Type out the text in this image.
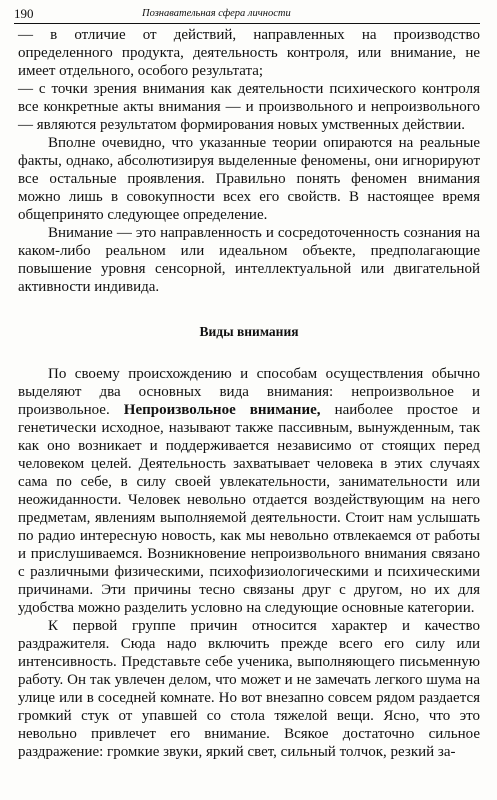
190	Познавательная сфера личности

— в отличие от действий, направленных на производство определенного продукта, деятельность контроля, или внимание, не имеет отдельного, особого результата;

— с точки зрения внимания как деятельности психического контроля все конкретные акты внимания — и произвольного и непроизвольного — являются результатом формирования новых умственных действии.

Вполне очевидно, что указанные теории опираются на реальные факты, однако, абсолютизируя выделенные феномены, они игнорируют все остальные проявления. Правильно понять феномен внимания можно лишь в совокупности всех его свойств. В настоящее время общепринято следующее определение.

Внимание — это направленность и сосредоточенность сознания на каком-либо реальном или идеальном объекте, предполагающие повышение уровня сенсорной, интеллектуальной или двигательной активности индивида.

Виды внимания

По своему происхождению и способам осуществления обычно выделяют два основных вида внимания: непроизвольное и произвольное. Непроизвольное внимание, наиболее простое и генетически исходное, называют также пассивным, вынужденным, так как оно возникает и поддерживается независимо от стоящих перед человеком целей. Деятельность захватывает человека в этих случаях сама по себе, в силу своей увлекательности, занимательности или неожиданности. Человек невольно отдается воздействующим на него предметам, явлениям выполняемой деятельности. Стоит нам услышать по радио интересную новость, как мы невольно отвлекаемся от работы и прислушиваемся. Возникновение непроизвольного внимания связано с различными физическими, психофизиологическими и психическими причинами. Эти причины тесно связаны друг с другом, но их для удобства можно разделить условно на следующие основные категории.

К первой группе причин относится характер и качество раздражителя. Сюда надо включить прежде всего его силу или интенсивность. Представьте себе ученика, выполняющего письменную работу. Он так увлечен делом, что может и не замечать легкого шума на улице или в соседней комнате. Но вот внезапно совсем рядом раздается громкий стук от упавшей со стола тяжелой вещи. Ясно, что это невольно привлечет его внимание. Всякое достаточно сильное раздражение: громкие звуки, яркий свет, сильный толчок, резкий за-
